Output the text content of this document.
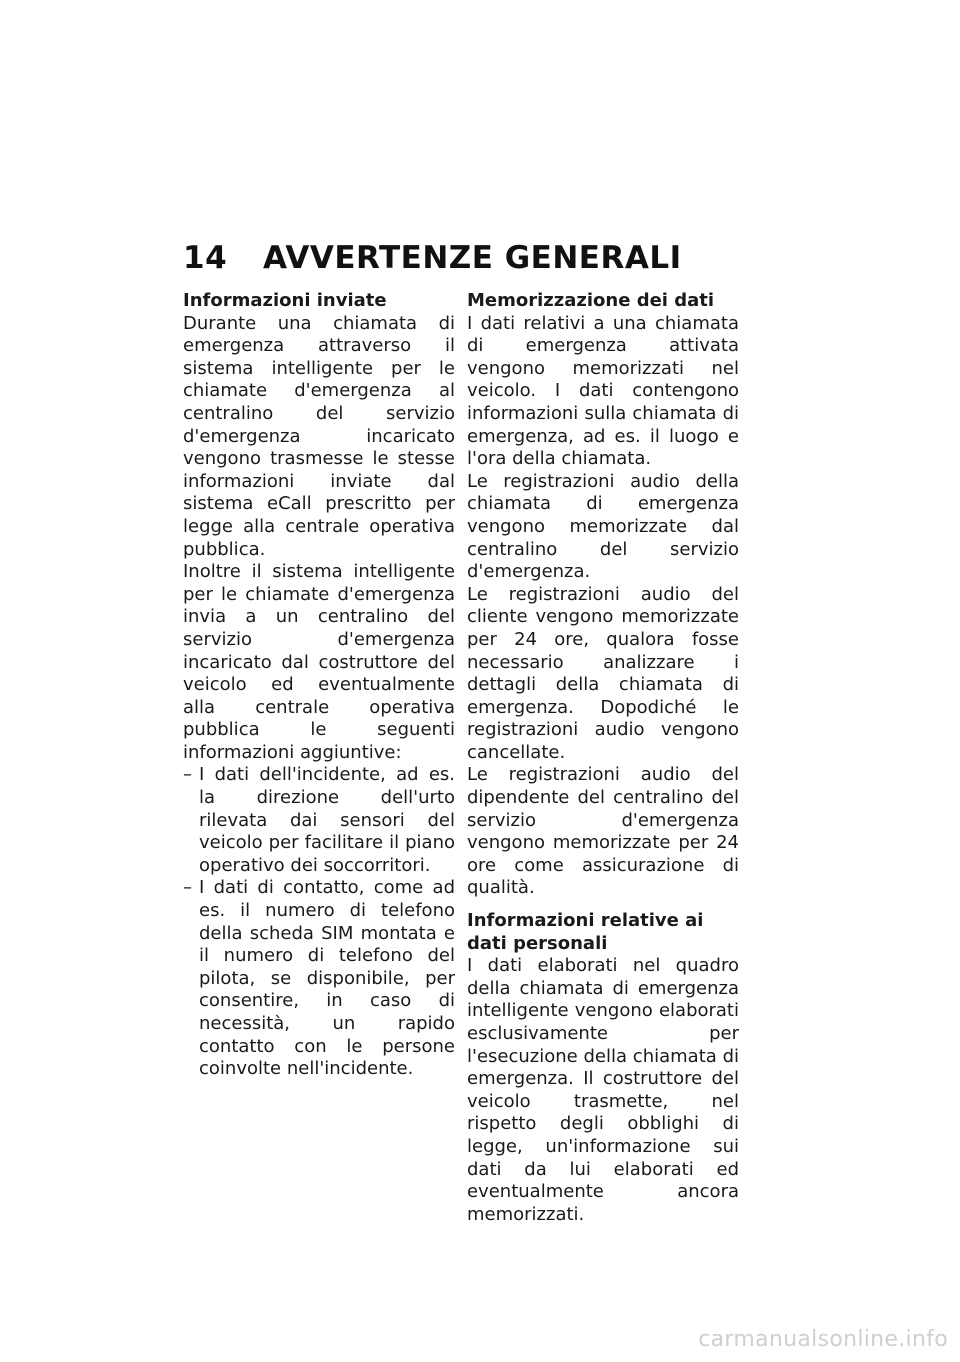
14	AVVERTENZE GENERALI

Informazioni inviate

Durante una chiamata di emergenza attraverso il sistema intelligente per le chiamate d'emergenza al centralino del servizio d'emergenza incaricato vengono trasmesse le stesse informazioni inviate dal sistema eCall prescritto per legge alla centrale operativa pubblica.

Inoltre il sistema intelligente per le chiamate d'emergenza invia a un centralino del servizio d'emergenza incaricato dal costruttore del veicolo ed eventualmente alla centrale operativa pubblica le seguenti informazioni aggiuntive:

– I dati dell'incidente, ad es. la direzione dell'urto rilevata dai sensori del veicolo per facilitare il piano operativo dei soccorritori.
– I dati di contatto, come ad es. il numero di telefono della scheda SIM montata e il numero di telefono del pilota, se disponibile, per consentire, in caso di necessità, un rapido contatto con le persone coinvolte nell'incidente.

Memorizzazione dei dati

I dati relativi a una chiamata di emergenza attivata vengono memorizzati nel veicolo. I dati contengono informazioni sulla chiamata di emergenza, ad es. il luogo e l'ora della chiamata.

Le registrazioni audio della chiamata di emergenza vengono memorizzate dal centralino del servizio d'emergenza.

Le registrazioni audio del cliente vengono memorizzate per 24 ore, qualora fosse necessario analizzare i dettagli della chiamata di emergenza. Dopodiché le registrazioni audio vengono cancellate.

Le registrazioni audio del dipendente del centralino del servizio d'emergenza vengono memorizzate per 24 ore come assicurazione di qualità.

Informazioni relative ai dati personali

I dati elaborati nel quadro della chiamata di emergenza intelligente vengono elaborati esclusivamente per l'esecuzione della chiamata di emergenza. Il costruttore del veicolo trasmette, nel rispetto degli obblighi di legge, un'informazione sui dati da lui elaborati ed eventualmente ancora memorizzati.

carmanualsonline.info
